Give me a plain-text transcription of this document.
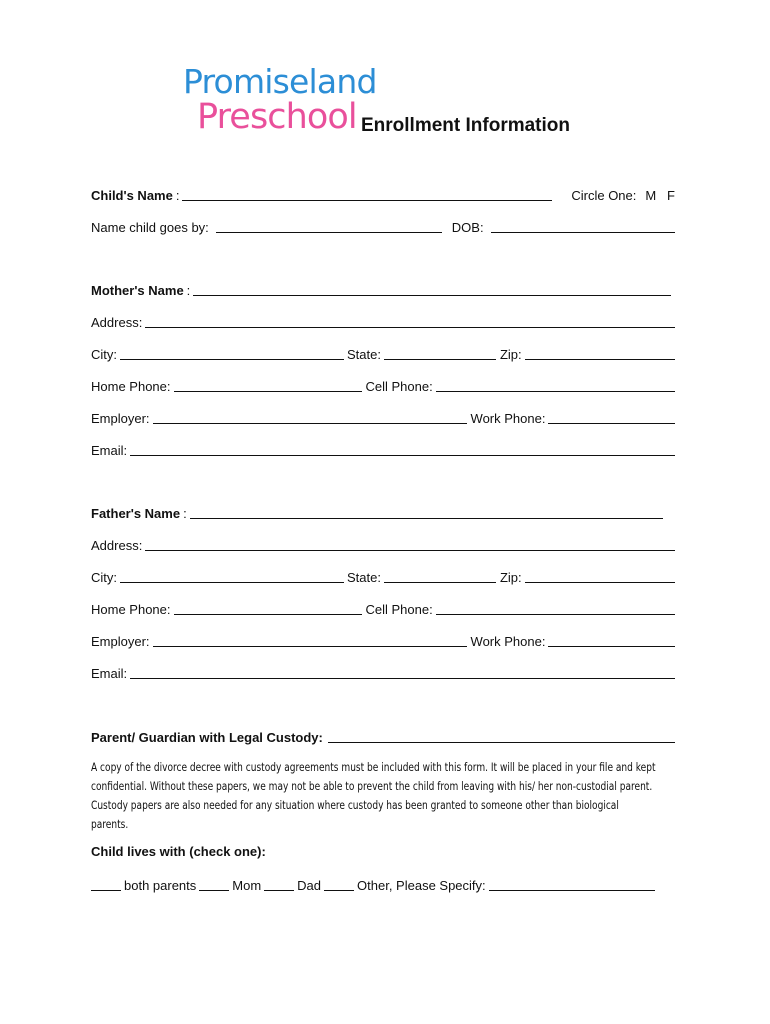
Promiseland
Preschool Enrollment Information
Child's Name :	Circle One: M   F
Name child goes by:	DOB:
Mother's Name :
Address:
City:	State:	Zip:
Home Phone:	Cell Phone:
Employer:	Work Phone:
Email:
Father's Name :
Address:
City:	State:	Zip:
Home Phone:	Cell Phone:
Employer:	Work Phone:
Email:
Parent/ Guardian with Legal Custody:
A copy of the divorce decree with custody agreements must be included with this form. It will be placed in your file and kept
confidential. Without these papers, we may not be able to prevent the child from leaving with his/ her non-custodial parent.
Custody papers are also needed for any situation where custody has been granted to someone other than biological
parents.
Child lives with (check one):
both parents	Mom	Dad	Other, Please Specify:
